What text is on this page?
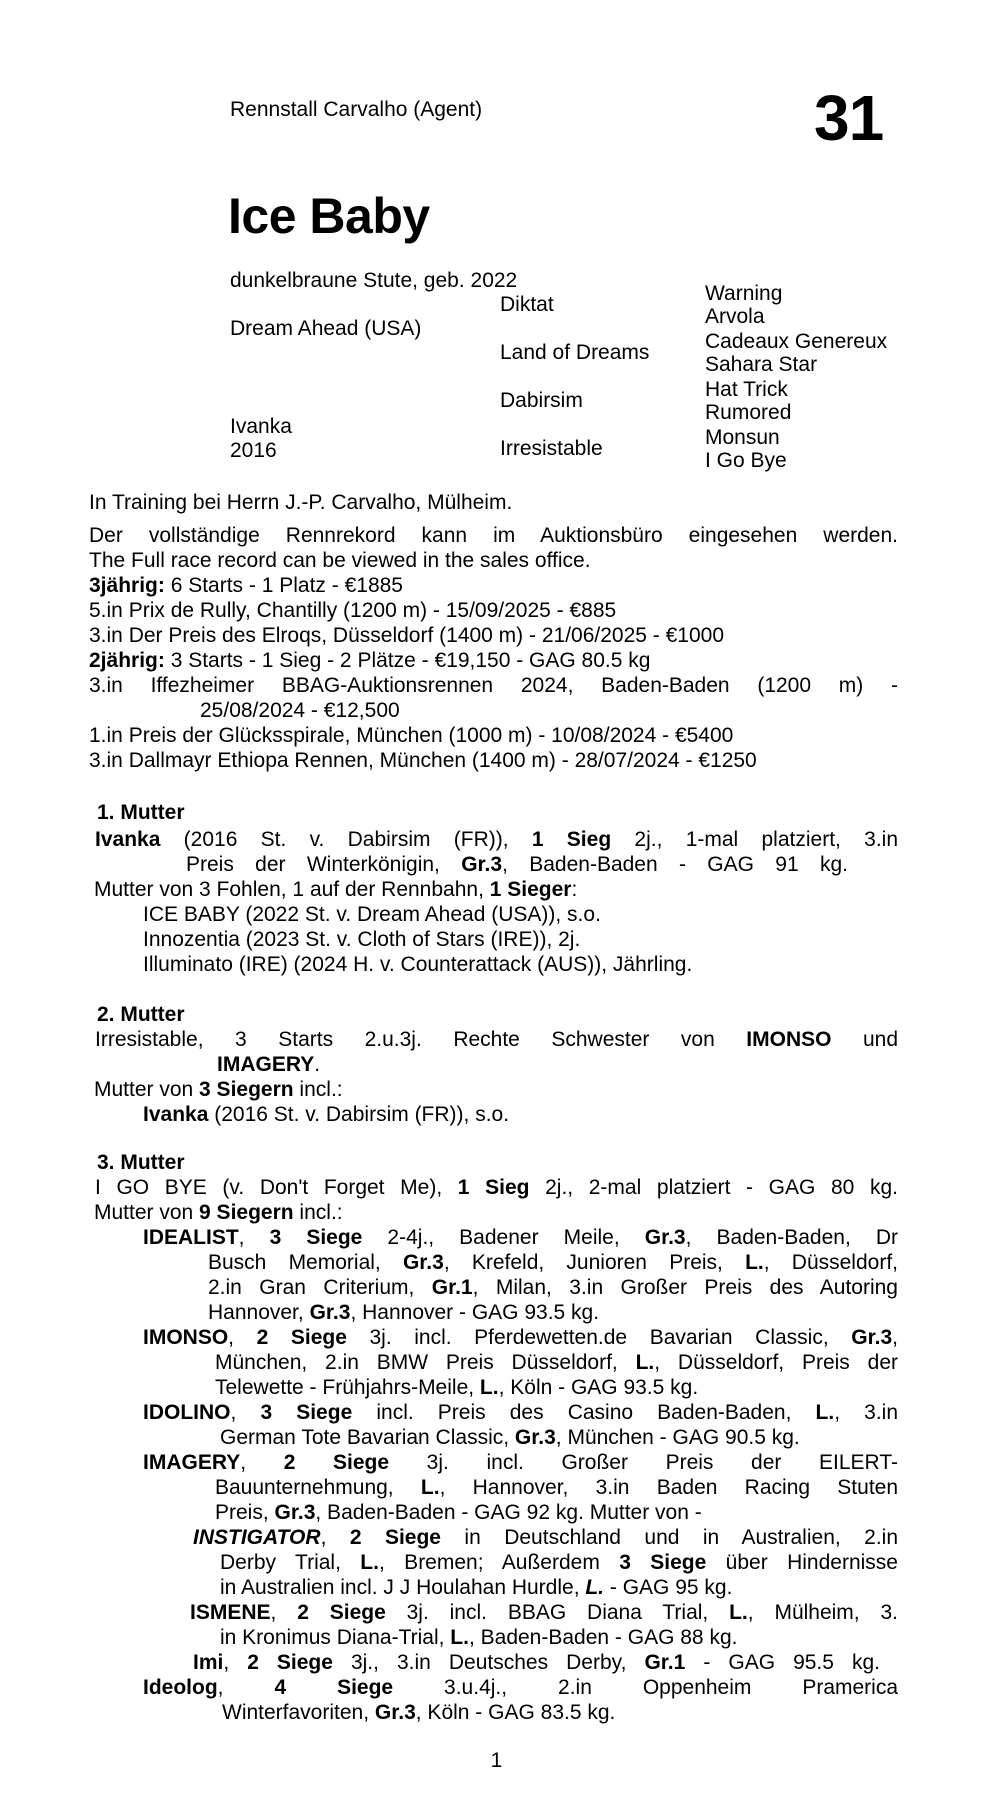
Rennstall Carvalho (Agent)	31
Ice Baby
dunkelbraune Stute, geb. 2022
Dream Ahead (USA)
Ivanka
2016
Diktat
Land of Dreams
Dabirsim
Irresistable
Warning
Arvola
Cadeaux Genereux
Sahara Star
Hat Trick
Rumored
Monsun
I Go Bye
In Training bei Herrn J.-P. Carvalho, Mülheim.
Der vollständige Rennrekord kann im Auktionsbüro eingesehen werden.
The Full race record can be viewed in the sales office.
3jährig: 6 Starts - 1 Platz - €1885
5.in Prix de Rully, Chantilly (1200 m) - 15/09/2025 - €885
3.in Der Preis des Elroqs, Düsseldorf (1400 m) - 21/06/2025 - €1000
2jährig: 3 Starts - 1 Sieg - 2 Plätze - €19,150 - GAG 80.5 kg
3.in Iffezheimer BBAG-Auktionsrennen 2024, Baden-Baden (1200 m) -
25/08/2024 - €12,500
1.in Preis der Glücksspirale, München (1000 m) - 10/08/2024 - €5400
3.in Dallmayr Ethiopa Rennen, München (1400 m) - 28/07/2024 - €1250
1. Mutter
Ivanka (2016 St. v. Dabirsim (FR)), 1 Sieg 2j., 1-mal platziert, 3.in
Preis der Winterkönigin, Gr.3, Baden-Baden - GAG 91 kg.
Mutter von 3 Fohlen, 1 auf der Rennbahn, 1 Sieger:
ICE BABY (2022 St. v. Dream Ahead (USA)), s.o.
Innozentia (2023 St. v. Cloth of Stars (IRE)), 2j.
Illuminato (IRE) (2024 H. v. Counterattack (AUS)), Jährling.
2. Mutter
Irresistable, 3 Starts 2.u.3j. Rechte Schwester von IMONSO und
IMAGERY.
Mutter von 3 Siegern incl.:
Ivanka (2016 St. v. Dabirsim (FR)), s.o.
3. Mutter
I GO BYE (v. Don't Forget Me), 1 Sieg 2j., 2-mal platziert - GAG 80 kg.
Mutter von 9 Siegern incl.:
IDEALIST, 3 Siege 2-4j., Badener Meile, Gr.3, Baden-Baden, Dr
Busch Memorial, Gr.3, Krefeld, Junioren Preis, L., Düsseldorf,
2.in Gran Criterium, Gr.1, Milan, 3.in Großer Preis des Autoring
Hannover, Gr.3, Hannover - GAG 93.5 kg.
IMONSO, 2 Siege 3j. incl. Pferdewetten.de Bavarian Classic, Gr.3,
München, 2.in BMW Preis Düsseldorf, L., Düsseldorf, Preis der
Telewette - Frühjahrs-Meile, L., Köln - GAG 93.5 kg.
IDOLINO, 3 Siege incl. Preis des Casino Baden-Baden, L., 3.in
German Tote Bavarian Classic, Gr.3, München - GAG 90.5 kg.
IMAGERY, 2 Siege 3j. incl. Großer Preis der EILERT-
Bauunternehmung, L., Hannover, 3.in Baden Racing Stuten
Preis, Gr.3, Baden-Baden - GAG 92 kg. Mutter von -
INSTIGATOR, 2 Siege in Deutschland und in Australien, 2.in
Derby Trial, L., Bremen; Außerdem 3 Siege über Hindernisse
in Australien incl. J J Houlahan Hurdle, L. - GAG 95 kg.
ISMENE, 2 Siege 3j. incl. BBAG Diana Trial, L., Mülheim, 3.
in Kronimus Diana-Trial, L., Baden-Baden - GAG 88 kg.
Imi, 2 Siege 3j., 3.in Deutsches Derby, Gr.1 - GAG 95.5 kg.
Ideolog, 4 Siege 3.u.4j., 2.in Oppenheim Pramerica
Winterfavoriten, Gr.3, Köln - GAG 83.5 kg.
1
